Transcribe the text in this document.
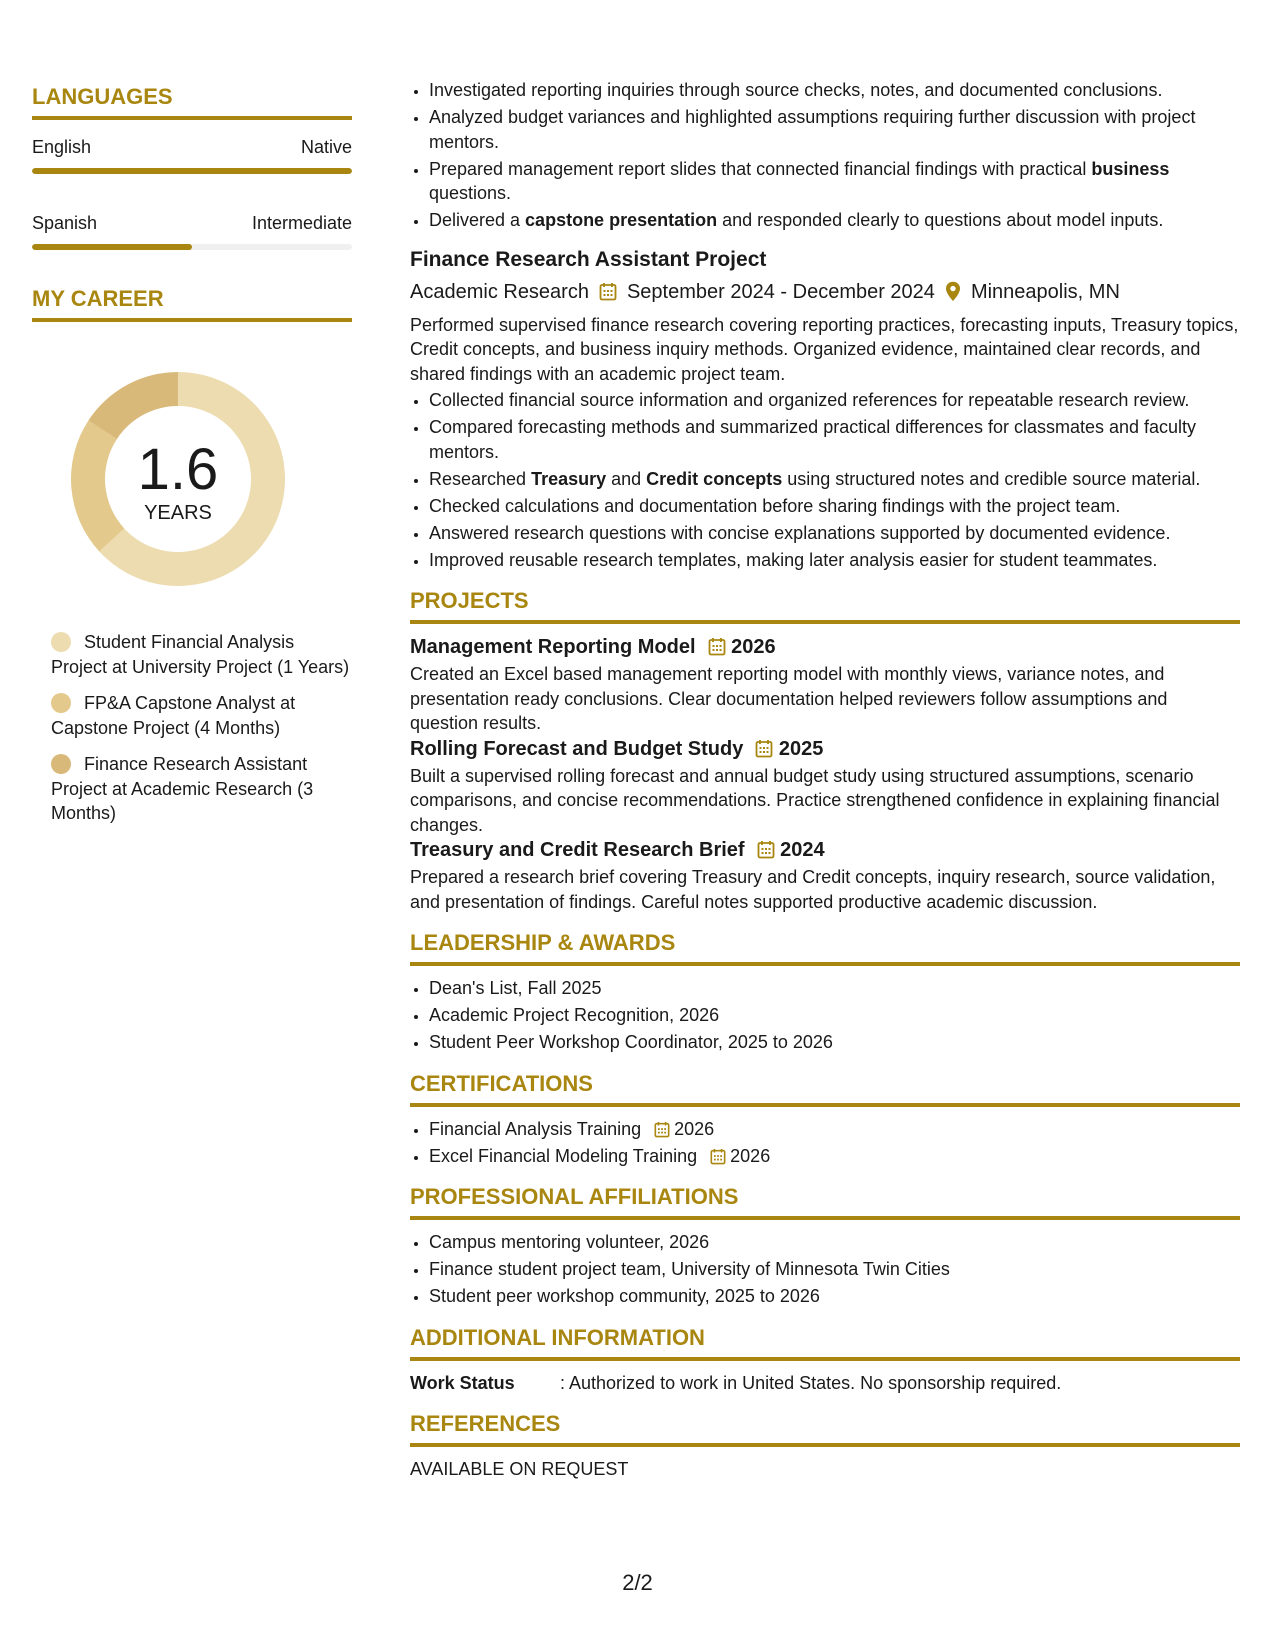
LANGUAGES
English	Native
Spanish	Intermediate
MY CAREER
1.6
YEARS
Student Financial Analysis Project at University Project (1 Years)
FP&A Capstone Analyst at Capstone Project (4 Months)
Finance Research Assistant Project at Academic Research (3 Months)
• Investigated reporting inquiries through source checks, notes, and documented conclusions.
• Analyzed budget variances and highlighted assumptions requiring further discussion with project mentors.
• Prepared management report slides that connected financial findings with practical business questions.
• Delivered a capstone presentation and responded clearly to questions about model inputs.
Finance Research Assistant Project
Academic Research September 2024 - December 2024 Minneapolis, MN
Performed supervised finance research covering reporting practices, forecasting inputs, Treasury topics, Credit concepts, and business inquiry methods. Organized evidence, maintained clear records, and shared findings with an academic project team.
• Collected financial source information and organized references for repeatable research review.
• Compared forecasting methods and summarized practical differences for classmates and faculty mentors.
• Researched Treasury and Credit concepts using structured notes and credible source material.
• Checked calculations and documentation before sharing findings with the project team.
• Answered research questions with concise explanations supported by documented evidence.
• Improved reusable research templates, making later analysis easier for student teammates.
PROJECTS
Management Reporting Model	2026
Created an Excel based management reporting model with monthly views, variance notes, and presentation ready conclusions. Clear documentation helped reviewers follow assumptions and question results.
Rolling Forecast and Budget Study	2025
Built a supervised rolling forecast and annual budget study using structured assumptions, scenario comparisons, and concise recommendations. Practice strengthened confidence in explaining financial changes.
Treasury and Credit Research Brief	2024
Prepared a research brief covering Treasury and Credit concepts, inquiry research, source validation, and presentation of findings. Careful notes supported productive academic discussion.
LEADERSHIP & AWARDS
• Dean's List, Fall 2025
• Academic Project Recognition, 2026
• Student Peer Workshop Coordinator, 2025 to 2026
CERTIFICATIONS
• Financial Analysis Training 2026
• Excel Financial Modeling Training 2026
PROFESSIONAL AFFILIATIONS
• Campus mentoring volunteer, 2026
• Finance student project team, University of Minnesota Twin Cities
• Student peer workshop community, 2025 to 2026
ADDITIONAL INFORMATION
Work Status	: Authorized to work in United States. No sponsorship required.
REFERENCES
AVAILABLE ON REQUEST
2/2
